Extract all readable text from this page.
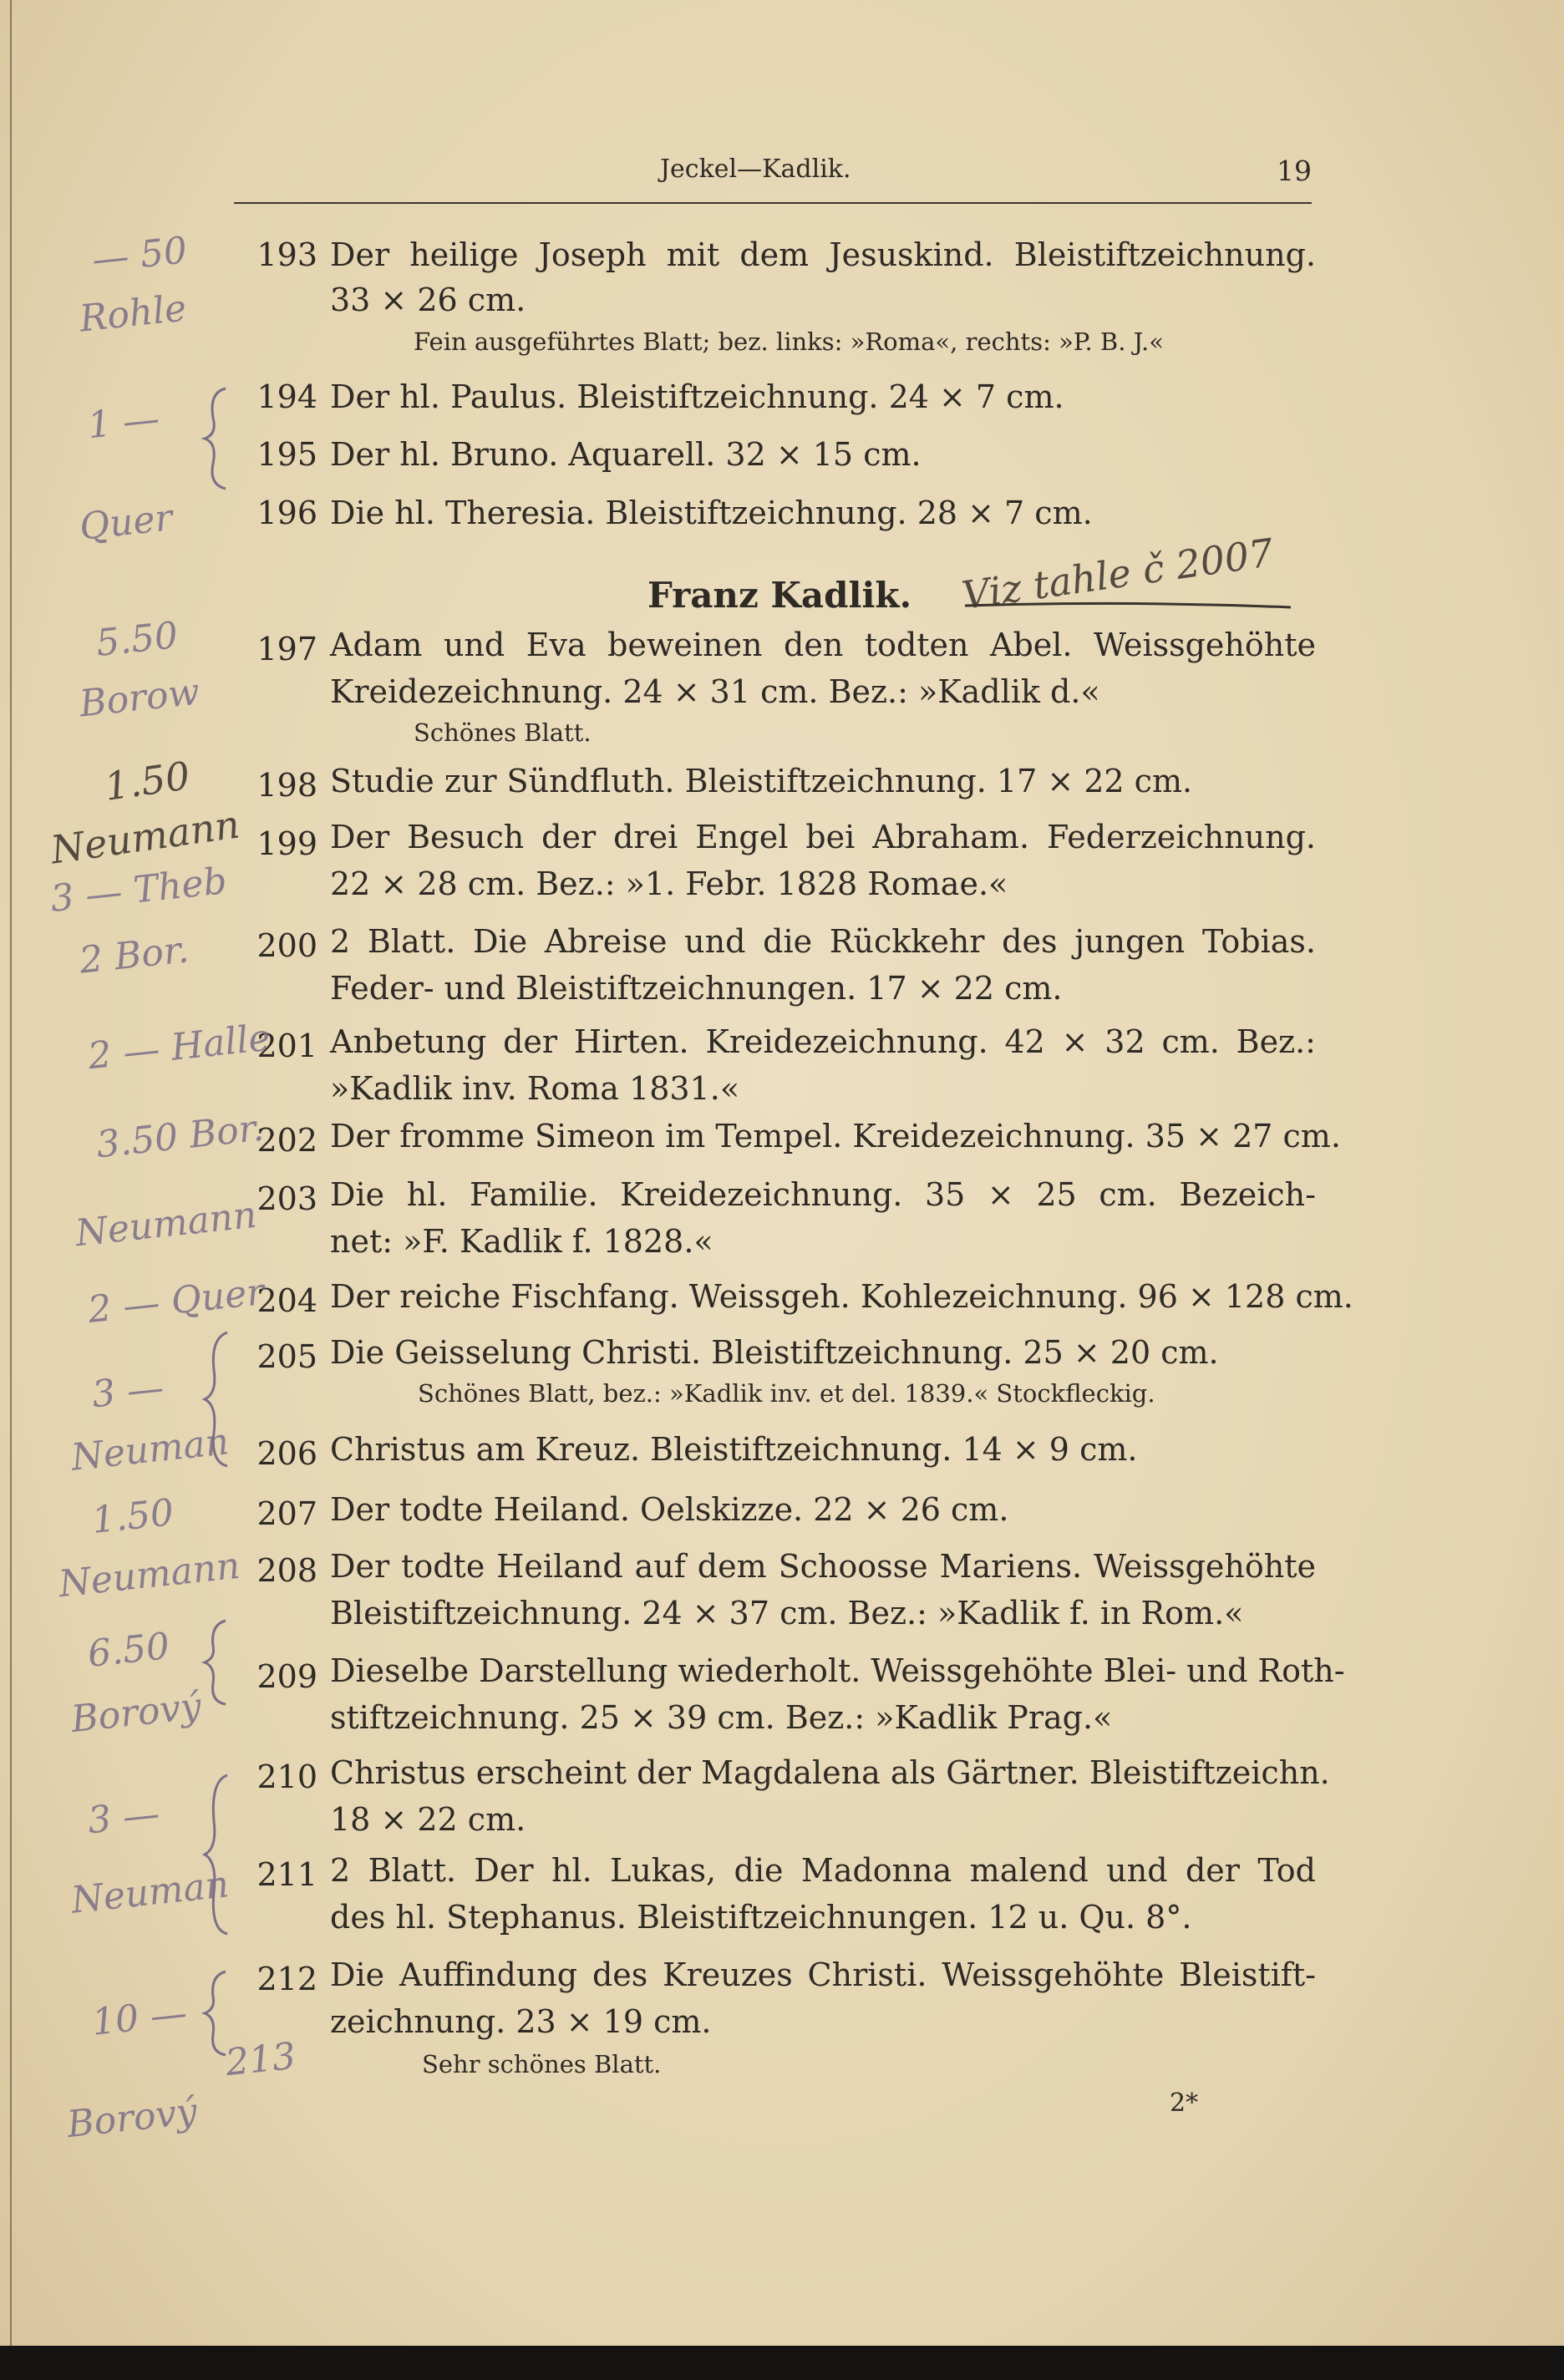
Jeckel—Kadlik.	19
Franz Kadlik.
193 Der heilige Joseph mit dem Jesuskind. Bleistiftzeichnung.
33 × 26 cm.
Fein ausgeführtes Blatt; bez. links: »Roma«, rechts: »P. B. J.«
194 Der hl. Paulus. Bleistiftzeichnung. 24 × 7 cm.
195 Der hl. Bruno. Aquarell. 32 × 15 cm.
196 Die hl. Theresia. Bleistiftzeichnung. 28 × 7 cm.
197 Adam und Eva beweinen den todten Abel. Weissgehöhte
Kreidezeichnung. 24 × 31 cm. Bez.: »Kadlik d.«
Schönes Blatt.
198 Studie zur Sündfluth. Bleistiftzeichnung. 17 × 22 cm.
199 Der Besuch der drei Engel bei Abraham. Federzeichnung.
22 × 28 cm. Bez.: »1. Febr. 1828 Romae.«
200 2 Blatt. Die Abreise und die Rückkehr des jungen Tobias.
Feder- und Bleistiftzeichnungen. 17 × 22 cm.
201 Anbetung der Hirten. Kreidezeichnung. 42 × 32 cm. Bez.:
»Kadlik inv. Roma 1831.«
202 Der fromme Simeon im Tempel. Kreidezeichnung. 35 × 27 cm.
203 Die hl. Familie. Kreidezeichnung. 35 × 25 cm. Bezeich-
net: »F. Kadlik f. 1828.«
204 Der reiche Fischfang. Weissgeh. Kohlezeichnung. 96 × 128 cm.
205 Die Geisselung Christi. Bleistiftzeichnung. 25 × 20 cm.
Schönes Blatt, bez.: »Kadlik inv. et del. 1839.« Stockfleckig.
206 Christus am Kreuz. Bleistiftzeichnung. 14 × 9 cm.
207 Der todte Heiland. Oelskizze. 22 × 26 cm.
208 Der todte Heiland auf dem Schoosse Mariens. Weissgehöhte
Bleistiftzeichnung. 24 × 37 cm. Bez.: »Kadlik f. in Rom.«
209 Dieselbe Darstellung wiederholt. Weissgehöhte Blei- und Roth-
stiftzeichnung. 25 × 39 cm. Bez.: »Kadlik Prag.«
210 Christus erscheint der Magdalena als Gärtner. Bleistiftzeichn.
18 × 22 cm.
211 2 Blatt. Der hl. Lukas, die Madonna malend und der Tod
des hl. Stephanus. Bleistiftzeichnungen. 12 u. Qu. 8°.
212 Die Auffindung des Kreuzes Christi. Weissgehöhte Bleistift-
zeichnung. 23 × 19 cm.
Sehr schönes Blatt.
2*
— 50
Rohle
1 —
Quer
5.50
Borow
1.50
Neumann
3 — Theb
2 Bor.
2 — Halle
3.50 Bor.
Neumann
2 — Quer
3 —
Neuman
1.50
Neumann
6.50
Borový
3 —
Neuman
10 —
213
Borový
Viz tahle č 2007
